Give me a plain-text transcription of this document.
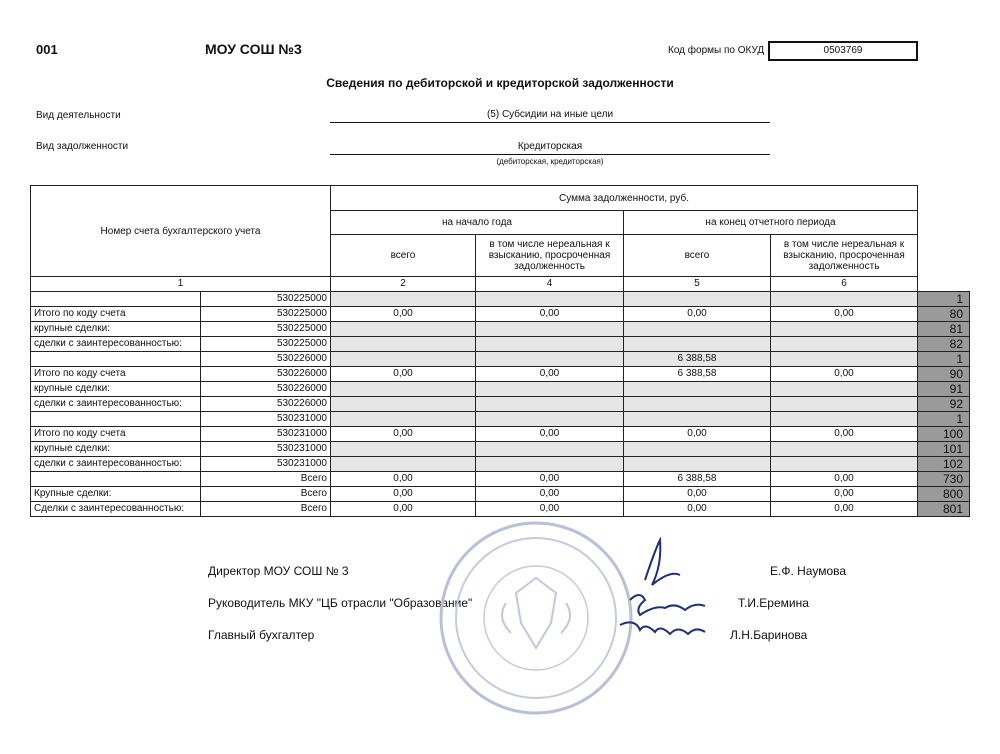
001	МОУ СОШ №3	Код формы по ОКУД	0503769
Сведения по дебиторской и кредиторской задолженности
Вид деятельности	(5) Субсидии на иные цели
Вид задолженности	Кредиторская
(дебиторская, кредиторская)
Номер счета бухгалтерского учета		Сумма задолженности, руб.				
		на начало года		на конец отчетного периода		
		всего	в том числе нереальная к взысканию, просроченная задолженность	всего	в том числе нереальная к взысканию, просроченная задолженность	
1		2	4	5	6	
	530225000					1
Итого по коду счета	530225000	0,00	0,00	0,00	0,00	80
крупные сделки:	530225000					81
сделки с заинтересованностью:	530225000					82
	530226000			6 388,58		1
Итого по коду счета	530226000	0,00	0,00	6 388,58	0,00	90
крупные сделки:	530226000					91
сделки с заинтересованностью:	530226000					92
	530231000					1
Итого по коду счета	530231000	0,00	0,00	0,00	0,00	100
крупные сделки:	530231000					101
сделки с заинтересованностью:	530231000					102
	Всего	0,00	0,00	6 388,58	0,00	730
Крупные сделки:	Всего	0,00	0,00	0,00	0,00	800
Сделки с заинтересованностью:	Всего	0,00	0,00	0,00	0,00	801
Директор МОУ СОШ № 3	Е.Ф. Наумова
Руководитель МКУ "ЦБ отрасли "Образование"	Т.И.Еремина
Главный бухгалтер	Л.Н.Баринова
